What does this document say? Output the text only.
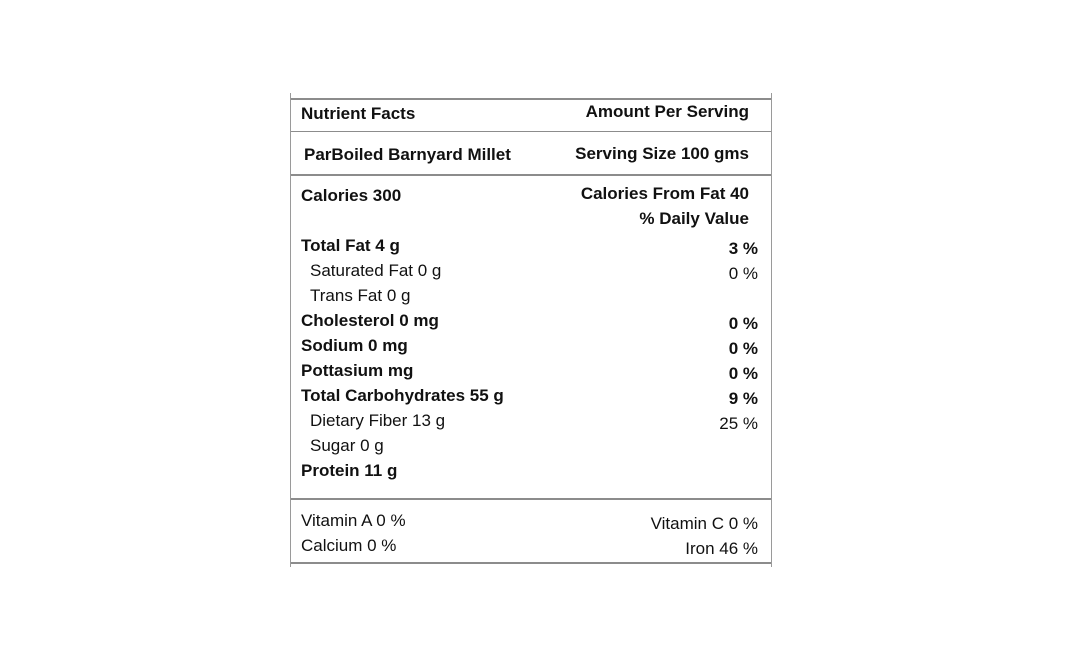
Nutrient Facts	Amount Per Serving
ParBoiled Barnyard Millet	Serving Size 100 gms
Calories 300	Calories From Fat 40
% Daily Value
Total Fat 4 g	3 %
Saturated Fat 0 g	0 %
Trans Fat 0 g
Cholesterol 0 mg	0 %
Sodium 0 mg	0 %
Pottasium mg	0 %
Total Carbohydrates 55 g	9 %
Dietary Fiber 13 g	25 %
Sugar 0 g
Protein 11 g
Vitamin A 0 %	Vitamin C 0 %
Calcium 0 %	Iron 46 %
